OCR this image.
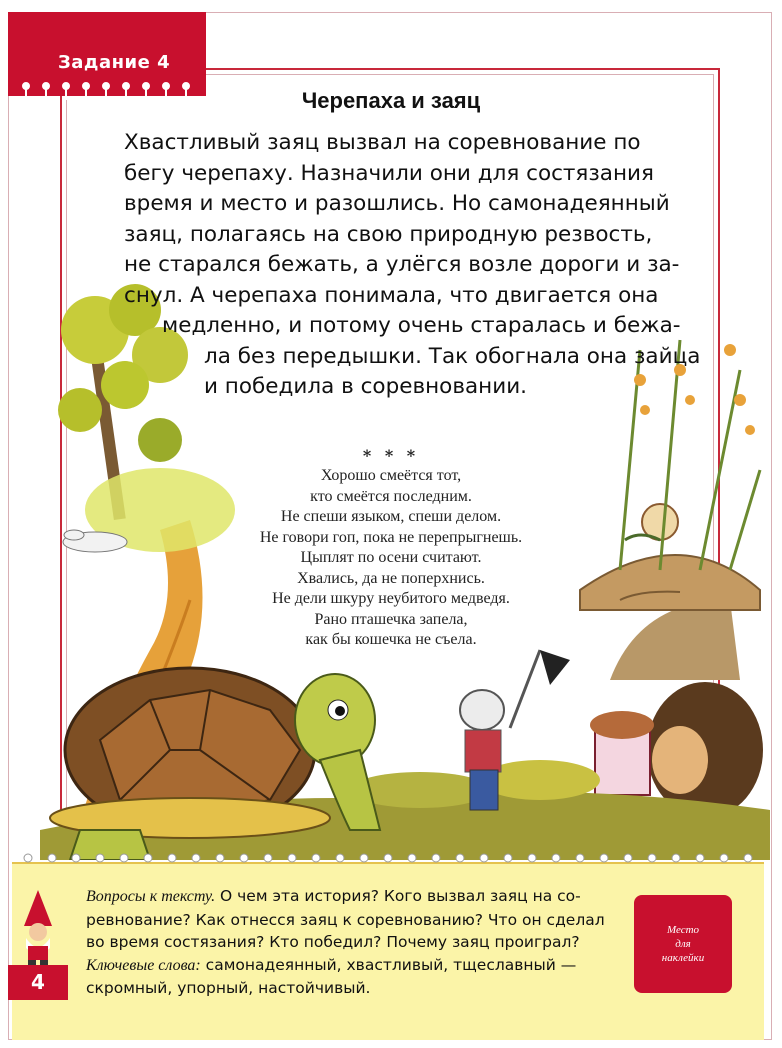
Задание 4
Черепаха и заяц
Хвастливый заяц вызвал на соревнование по
бегу черепаху. Назначили они для состязания
время и место и разошлись. Но самонадеянный
заяц, полагаясь на свою природную резвость,
не старался бежать, а улёгся возле дороги и за-
снул. А черепаха понимала, что двигается она
медленно, и потому очень старалась и бежа-
ла без передышки. Так обогнала она зайца
и победила в соревновании.
* * *
Хорошо смеётся тот,
кто смеётся последним.
Не спеши языком, спеши делом.
Не говори гоп, пока не перепрыгнешь.
Цыплят по осени считают.
Хвались, да не поперхнись.
Не дели шкуру неубитого медведя.
Рано пташечка запела,
как бы кошечка не съела.
Вопросы к тексту. О чем эта история? Кого вызвал заяц на со-
ревнование? Как отнесся заяц к соревнованию? Что он сделал
во время состязания? Кто победил? Почему заяц проиграл?
Ключевые слова: самонадеянный, хвастливый, тщеславный —
скромный, упорный, настойчивый.
Место
для
наклейки
4
